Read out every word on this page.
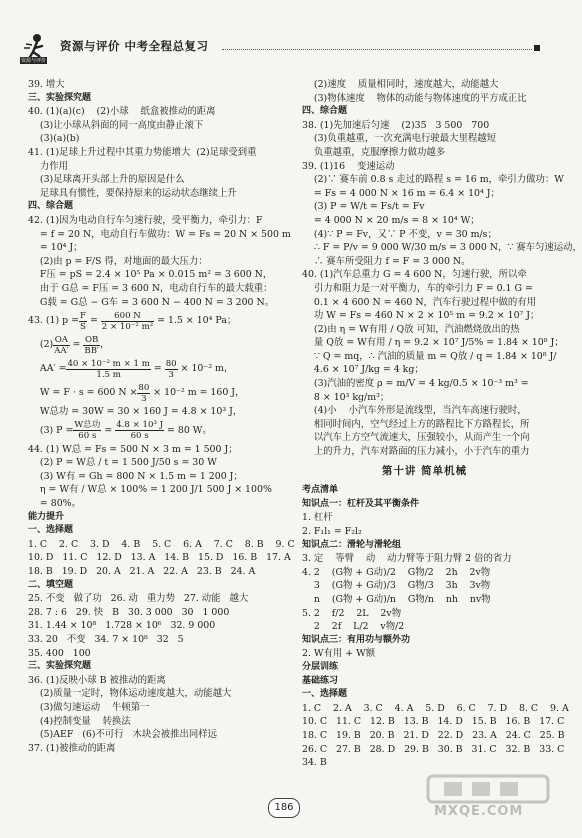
资源与评价
资源与评价 中考全程总复习
39. 增大
三、实验探究题
40. (1)(a)(c)    (2)小球    纸盒被推动的距离
(3)让小球从斜面的同一高度由静止滚下
(3)(a)(b)
41. (1)足球上升过程中其重力势能增大  (2)足球受到重
力作用
(3)足球离开头部上升的原因是什么
足球具有惯性，要保持原来的运动状态继续上升
四、综合题
42. (1)因为电动自行车匀速行驶，受平衡力，牵引力：F
= f = 20 N，电动自行车做功：W = Fs = 20 N × 500 m
= 10⁴ J；
(2)由 p = F/S 得，对地面的最大压力：
F压 = pS = 2.4 × 10⁵ Pa × 0.015 m² = 3 600 N，
由于 G总 = F压 = 3 600 N，电动自行车的最大载重：
G载 = G总 − G车 = 3 600 N − 400 N = 3 200 N。
43. (1) $p = \frac{F}{S} = \frac{600 N}{\text{2 × 10⁻² m²}} = 1.5 \times 10^4$ Pa；
$(2) \frac{OA}{AA'} = \frac{OB}{BB'}$ ，
$AA' = \frac{\text{40 × 10⁻² m × 1 m}}{1.5 m} = \frac{80}{3} \times 10^{-2}$ m，
W = F · s = 600 $N \times \frac{80}{3} \times 10^{-2}$ m = 160 J，
W总功 = 30W = 30 × 160 J = 4.8 × 10³ J，
(3) $P = \frac{\text{W总功}}{60 s} = \frac{\text{4.8 × 10³ J}}{60 s} = 80$ W。
44. (1) W总 = Fs = 500 N × 3 m = 1 500 J；
(2) P = W总 / t = 1 500 J/50 s = 30 W
(3) W有 = Gh = 800 N × 1.5 m = 1 200 J；
η = W有 / W总 × 100% = 1 200 J/1 500 J × 100%
= 80%。
能力提升
一、选择题
1. C    2. C    3. D    4. B    5. C    6. A    7. C    8. B    9. C
10. D   11. C   12. D   13. A   14. B   15. D   16. B   17. A
18. B   19. D   20. A   21. A   22. A   23. B   24. A
二、填空题
25. 不变   做了功   26. 动   重力势   27. 动能   越大
28. 7 : 6   29. 快   B   30. 3 000   30   1 000
31. 1.44 × 10⁸   1.728 × 10⁶   32. 9 000
33. 20   不变   34. 7 × 10⁸   32   5
35. 400   100
三、实验探究题
36. (1)反映小球 B 被推动的距离
(2)质量一定时，物体运动速度越大，动能越大
(3)做匀速运动    牛顿第一
(4)控制变量    转换法
(5)AEF   (6)不可行   木块会被推出同样远
37. (1)被推动的距离
(2)速度    质量相同时，速度越大，动能越大
(3)物体速度    物体的动能与物体速度的平方成正比
四、综合题
38. (1)先加速后匀速    (2)35   3 500   700
(3)负重越重，一次充满电行驶最大里程越短
负重越重，克服摩擦力做功越多
39. (1)16    变速运动
(2)∵ 赛车前 0.8 s 走过的路程 s = 16 m，牵引力做功：W
= Fs = 4 000 N × 16 m = 6.4 × 10⁴ J；
(3) P = W/t = Fs/t = Fv
= 4 000 N × 20 m/s = 8 × 10⁴ W；
(4)∵ P = Fv，又∵ P 不变，v = 30 m/s；
∴ F = P/v = 9 000 W/30 m/s = 3 000 N，∵ 赛车匀速运动，
∴ 赛车所受阻力 f = F = 3 000 N。
40. (1)汽车总重力 G = 4 600 N，匀速行驶，所以牵
引力和阻力是一对平衡力，车的牵引力 F = 0.1 G =
0.1 × 4 600 N = 460 N，汽车行驶过程中做的有用
功 W = Fs = 460 N × 2 × 10⁵ m = 9.2 × 10⁷ J；
(2)由 η = W有用 / Q放 可知，汽油燃烧放出的热
量 Q放 = W有用 / η = 9.2 × 10⁷ J/5% = 1.84 × 10⁸ J；
∵ Q = mq，∴ 汽油的质量 m = Q放 / q = 1.84 × 10⁸ J/
4.6 × 10⁷ J/kg = 4 kg；
(3)汽油的密度 ρ = m/V = 4 kg/0.5 × 10⁻³ m³ =
8 × 10³ kg/m³；
(4)小    小汽车外形是流线型，当汽车高速行驶时，
相同时间内，空气经过上方的路程比下方路程长，所
以汽车上方空气流速大，压强较小，从而产生一个向
上的升力，汽车对路面的压力减小，小于汽车的重力
第十讲 简单机械
考点清单
知识点一：杠杆及其平衡条件
1. 杠杆
2. F₁l₁ = F₂l₂
知识点二：滑轮与滑轮组
3. 定    等臂    动    动力臂等于阻力臂 2 倍的省力
4. 2    (G物 + G动)/2    G物/2    2h    2v物
3    (G物 + G动)/3    G物/3    3h    3v物
n    (G物 + G动)/n    G物/n    nh    nv物
5. 2    f/2    2L    2v物
2    2f    L/2    v物/2
知识点三：有用功与额外功
2. W有用 + W额
分层训练
基础练习
一、选择题
1. C    2. A    3. C    4. A    5. D    6. C    7. D    8. C    9. A
10. C   11. C   12. B   13. B   14. D   15. B   16. B   17. C
18. C   19. B   20. B   21. D   22. D   23. A   24. C   25. B
26. C   27. B   28. D   29. B   30. B   31. C   32. B   33. C
34. B
186	MXQE.COM
